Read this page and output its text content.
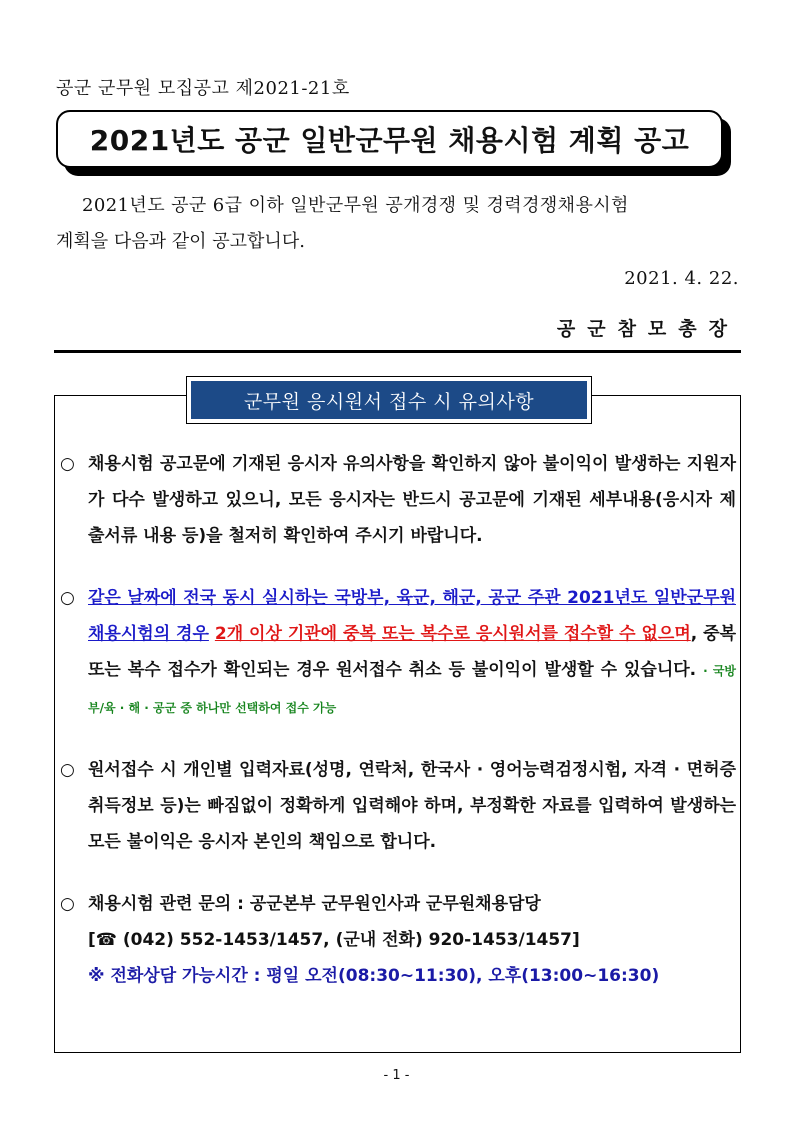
공군 군무원 모집공고 제2021-21호
2021년도 공군 일반군무원 채용시험 계획 공고
2021년도 공군 6급 이하 일반군무원 공개경쟁 및 경력경쟁채용시험
계획을 다음과 같이 공고합니다.
2021. 4. 22.
공군참모총장
군무원 응시원서 접수 시 유의사항
○ 채용시험 공고문에 기재된 응시자 유의사항을 확인하지 않아 불이익이 발생하는 지원자가 다수 발생하고 있으니, 모든 응시자는 반드시 공고문에 기재된 세부내용(응시자 제출서류 내용 등)을 철저히 확인하여 주시기 바랍니다.
○ 같은 날짜에 전국 동시 실시하는 국방부, 육군, 해군, 공군 주관 2021년도 일반군무원 채용시험의 경우 2개 이상 기관에 중복 또는 복수로 응시원서를 접수할 수 없으며, 중복 또는 복수 접수가 확인되는 경우 원서접수 취소 등 불이익이 발생할 수 있습니다. · 국방부/육 · 해 · 공군 중 하나만 선택하여 접수 가능
○ 원서접수 시 개인별 입력자료(성명, 연락처, 한국사 · 영어능력검정시험, 자격 · 면허증 취득정보 등)는 빠짐없이 정확하게 입력해야 하며, 부정확한 자료를 입력하여 발생하는 모든 불이익은 응시자 본인의 책임으로 합니다.
○ 채용시험 관련 문의 : 공군본부 군무원인사과 군무원채용담당
[☎ (042) 552-1453/1457, (군내 전화) 920-1453/1457]
※ 전화상담 가능시간 : 평일 오전(08:30~11:30), 오후(13:00~16:30)
- 1 -
